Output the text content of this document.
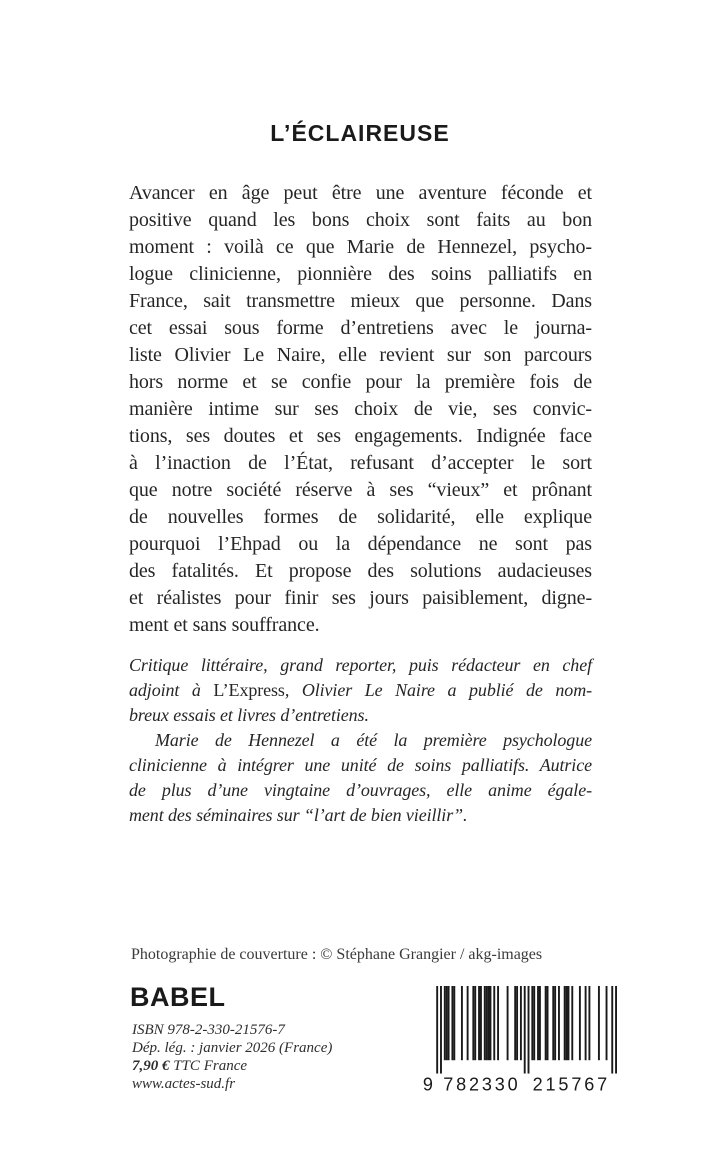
L’ÉCLAIREUSE
Avancer en âge peut être une aventure féconde et
positive quand les bons choix sont faits au bon
moment : voilà ce que Marie de Hennezel, psycho-
logue clinicienne, pionnière des soins palliatifs en
France, sait transmettre mieux que personne. Dans
cet essai sous forme d’entretiens avec le journa-
liste Olivier Le Naire, elle revient sur son parcours
hors norme et se confie pour la première fois de
manière intime sur ses choix de vie, ses convic-
tions, ses doutes et ses engagements. Indignée face
à l’inaction de l’État, refusant d’accepter le sort
que notre société réserve à ses “vieux” et prônant
de nouvelles formes de solidarité, elle explique
pourquoi l’Ehpad ou la dépendance ne sont pas
des fatalités. Et propose des solutions audacieuses
et réalistes pour finir ses jours paisiblement, digne-
ment et sans souffrance.
Critique littéraire, grand reporter, puis rédacteur en chef
adjoint à L’Express, Olivier Le Naire a publié de nom-
breux essais et livres d’entretiens.
Marie de Hennezel a été la première psychologue
clinicienne à intégrer une unité de soins palliatifs. Autrice
de plus d’une vingtaine d’ouvrages, elle anime égale-
ment des séminaires sur “l’art de bien vieillir”.
Photographie de couverture : © Stéphane Grangier / akg-images
BABEL
ISBN 978-2-330-21576-7
Dép. lég. : janvier 2026 (France)
7,90 € TTC France
www.actes-sud.fr	9 782330 215767
